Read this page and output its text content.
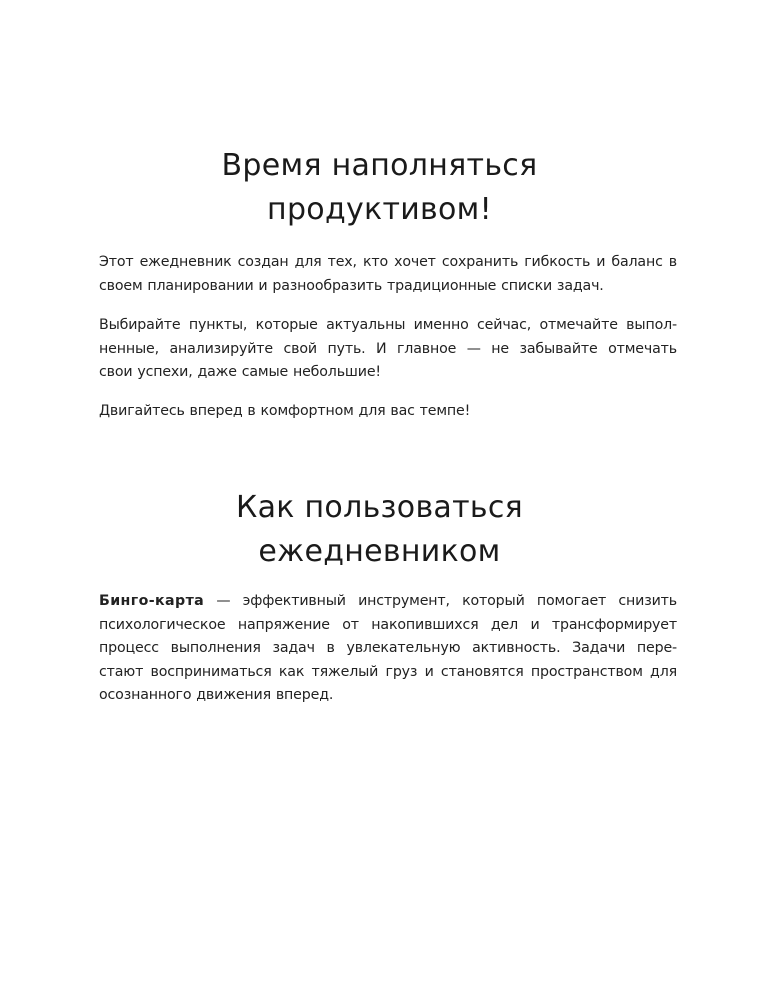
Время наполняться
продуктивом!

Этот ежедневник создан для тех, кто хочет сохранить гибкость и баланс в
своем планировании и разнообразить традиционные списки задач.

Выбирайте пункты, которые актуальны именно сейчас, отмечайте выпол-
ненные, анализируйте свой путь. И главное — не забывайте отмечать
свои успехи, даже самые небольшие!

Двигайтесь вперед в комфортном для вас темпе!

Как пользоваться
ежедневником

Бинго-карта — эффективный инструмент, который помогает снизить
психологическое напряжение от накопившихся дел и трансформирует
процесс выполнения задач в увлекательную активность. Задачи пере-
стают восприниматься как тяжелый груз и становятся пространством для
осознанного движения вперед.
